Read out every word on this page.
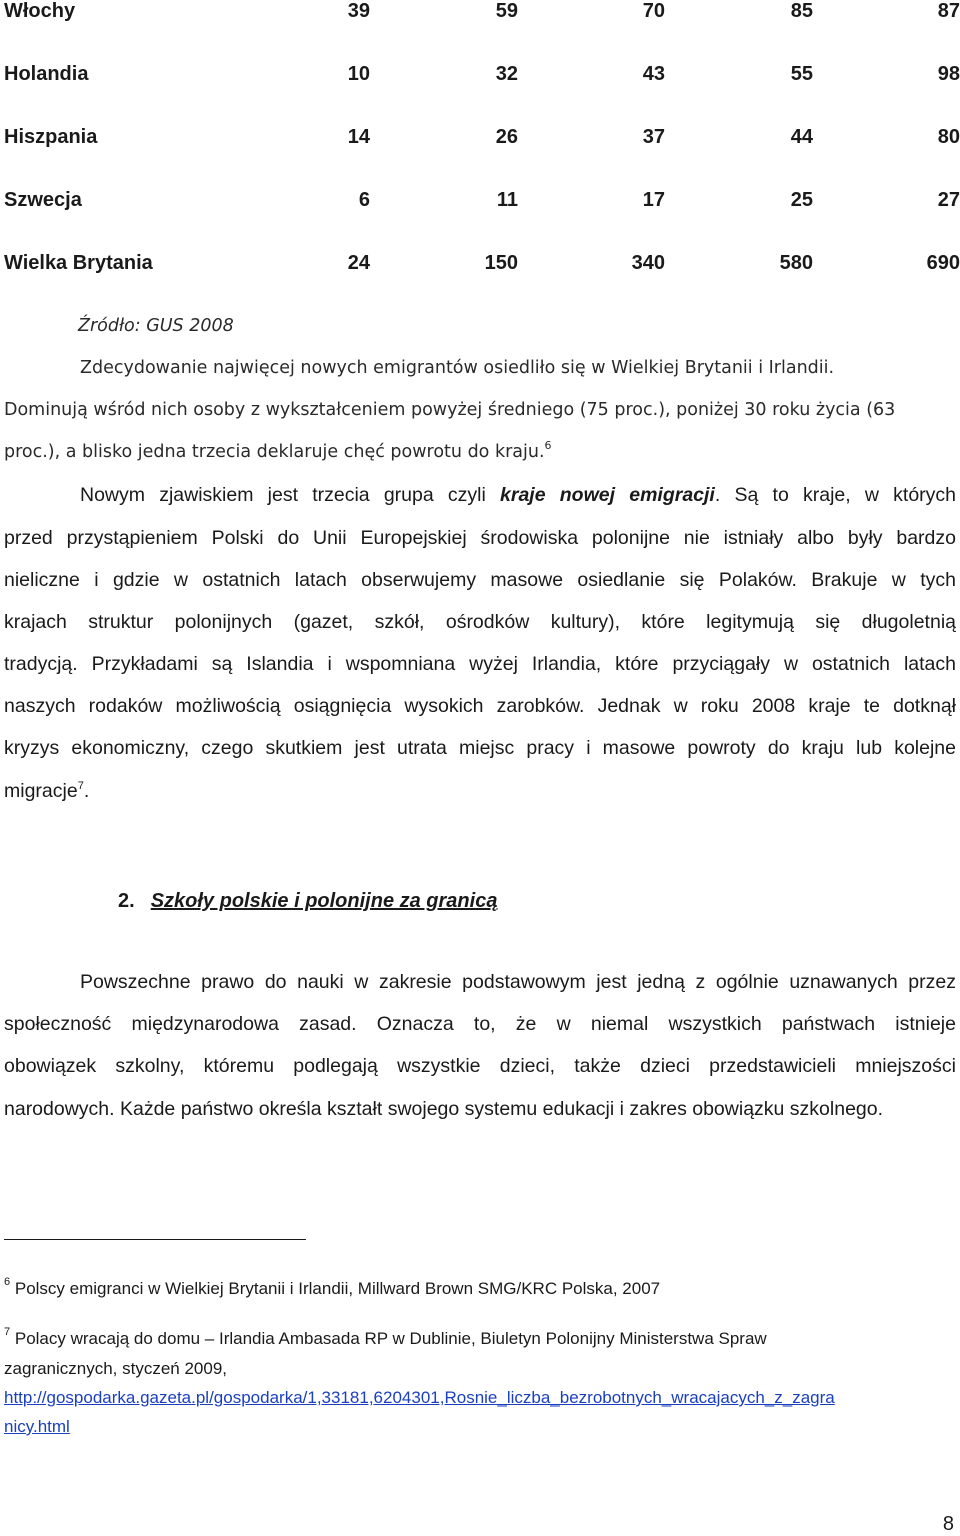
Włochy	39	59	70	85	87
Holandia	10	32	43	55	98
Hiszpania	14	26	37	44	80
Szwecja	6	11	17	25	27
Wielka Brytania	24	150	340	580	690
Źródło: GUS 2008
Zdecydowanie najwięcej nowych emigrantów osiedliło się w Wielkiej Brytanii i Irlandii.
Dominują wśród nich osoby z wykształceniem powyżej średniego (75 proc.), poniżej 30 roku życia (63
proc.), a blisko jedna trzecia deklaruje chęć powrotu do kraju.$^6$
Nowym zjawiskiem jest trzecia grupa czyli kraje nowej emigracji. Są to kraje, w których
przed przystąpieniem Polski do Unii Europejskiej środowiska polonijne nie istniały albo były bardzo
nieliczne i gdzie w ostatnich latach obserwujemy masowe osiedlanie się Polaków. Brakuje w tych
krajach struktur polonijnych (gazet, szkół, ośrodków kultury), które legitymują się długoletnią
tradycją. Przykładami są Islandia i wspomniana wyżej Irlandia, które przyciągały w ostatnich latach
naszych rodaków możliwością osiągnięcia wysokich zarobków. Jednak w roku 2008 kraje te dotknął
kryzys ekonomiczny, czego skutkiem jest utrata miejsc pracy i masowe powroty do kraju lub kolejne
migracje$^7$.
2. Szkoły polskie i polonijne za granicą
Powszechne prawo do nauki w zakresie podstawowym jest jedną z ogólnie uznawanych przez
społeczność międzynarodowa zasad. Oznacza to, że w niemal wszystkich państwach istnieje
obowiązek szkolny, któremu podlegają wszystkie dzieci, także dzieci przedstawicieli mniejszości
narodowych. Każde państwo określa kształt swojego systemu edukacji i zakres obowiązku szkolnego.
$^6$ Polscy emigranci w Wielkiej Brytanii i Irlandii, Millward Brown SMG/KRC Polska, 2007
$^7$ Polacy wracają do domu – Irlandia Ambasada RP w Dublinie, Biuletyn Polonijny Ministerstwa Spraw
zagranicznych, styczeń 2009,
http://gospodarka.gazeta.pl/gospodarka/1,33181,6204301,Rosnie_liczba_bezrobotnych_wracajacych_z_zagra
nicy.html
8
